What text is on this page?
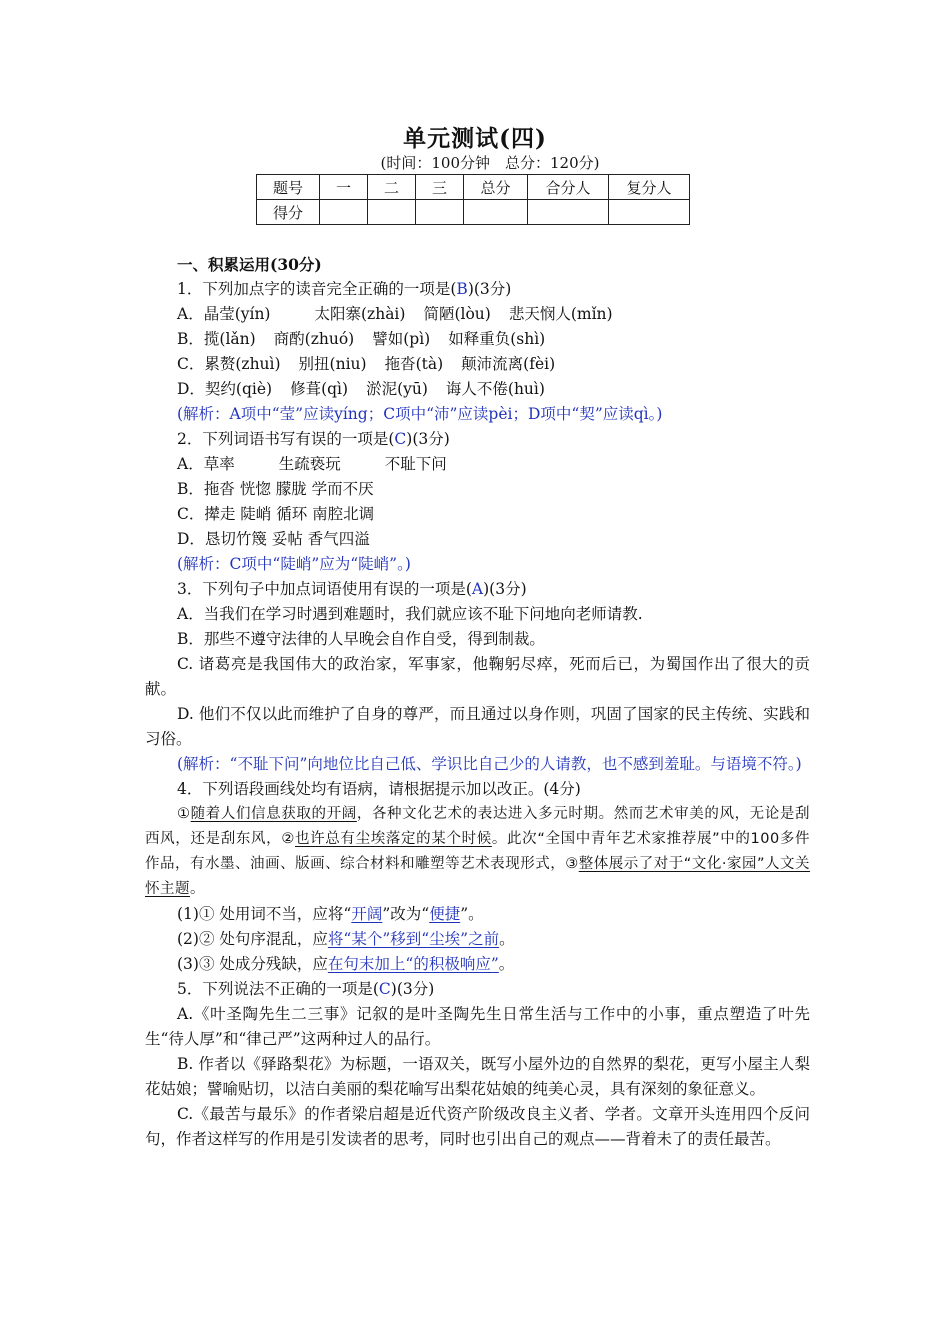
单元测试(四)
(时间：100分钟　总分：120分)
题号	一	二	三	总分	合分人	复分人
得分						

一、积累运用(30分)

1．下列加点字的读音完全正确的一项是(B)(3分)

A．晶莹(yín)	太阳寨(zhài) 简陋(lòu) 悲天悯人(mǐn)

B．揽(lǎn) 商酌(zhuó) 譬如(pì) 如释重负(shì)

C．累赘(zhuì) 别扭(niu) 拖沓(tà) 颠沛流离(fèi)

D．契约(qiè) 修葺(qì) 淤泥(yū) 诲人不倦(huì)

(解析：A项中“莹”应读yíng；C项中“沛”应读pèi；D项中“契”应读qì。)

2．下列词语书写有误的一项是(C)(3分)

A．草率	生疏亵玩	不耻下问

B．拖沓 恍惚 朦胧 学而不厌

C．撵走 陡峭 循环 南腔北调

D．恳切竹篾 妥帖 香气四溢

(解析：C项中“陡峭”应为“陡峭”。)

3．下列句子中加点词语使用有误的一项是(A)(3分)

A．当我们在学习时遇到难题时，我们就应该不耻下问地向老师请教.

B．那些不遵守法律的人早晚会自作自受，得到制裁。

C. 诸葛亮是我国伟大的政治家，军事家，他鞠躬尽瘁，死而后已，为蜀国作出了很大的贡献。

D. 他们不仅以此而维护了自身的尊严，而且通过以身作则，巩固了国家的民主传统、实践和习俗。

(解析：“不耻下问”向地位比自己低、学识比自己少的人请教，也不感到羞耻。与语境不符。)

4．下列语段画线处均有语病，请根据提示加以改正。(4分)

①随着人们信息获取的开阔，各种文化艺术的表达进入多元时期。然而艺术审美的风，无论是刮西风，还是刮东风，②也许总有尘埃落定的某个时候。此次“全国中青年艺术家推荐展”中的100多件作品，有水墨、油画、版画、综合材料和雕塑等艺术表现形式，③整体展示了对于“文化·家园”人文关怀主题。

(1)① 处用词不当，应将“开阔”改为“便捷”。

(2)② 处句序混乱，应将“某个”移到“尘埃”之前。

(3)③ 处成分残缺，应在句末加上“的积极响应”。

5．下列说法不正确的一项是(C)(3分)

A.《叶圣陶先生二三事》记叙的是叶圣陶先生日常生活与工作中的小事，重点塑造了叶先生“待人厚”和“律己严”这两种过人的品行。

B. 作者以《驿路梨花》为标题，一语双关，既写小屋外边的自然界的梨花，更写小屋主人梨花姑娘；譬喻贴切，以洁白美丽的梨花喻写出梨花姑娘的纯美心灵，具有深刻的象征意义。

C.《最苦与最乐》的作者梁启超是近代资产阶级改良主义者、学者。文章开头连用四个反问句，作者这样写的作用是引发读者的思考，同时也引出自己的观点——背着未了的责任最苦。
